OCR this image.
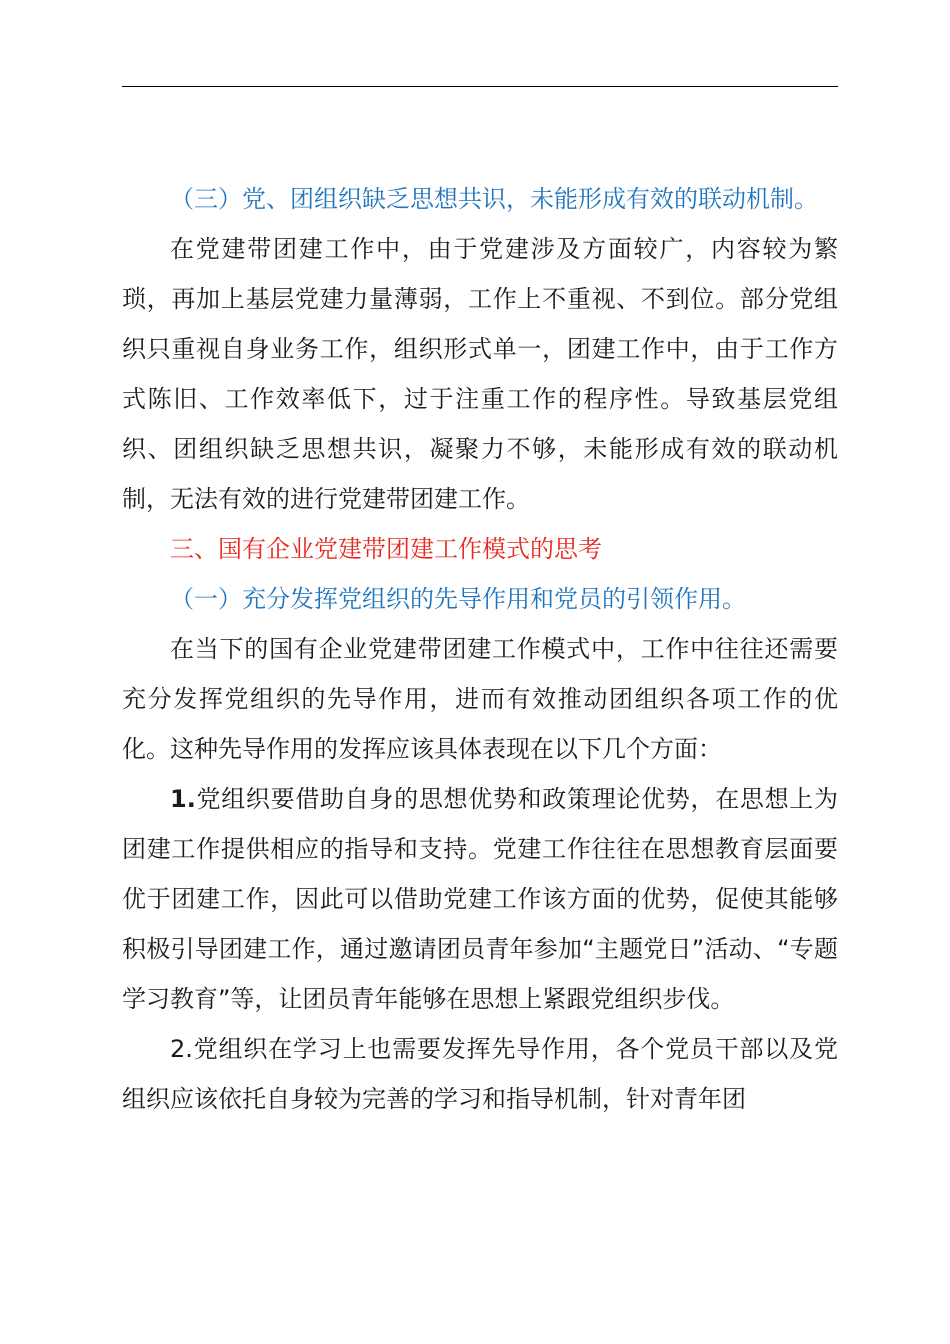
（三）党、团组织缺乏思想共识，未能形成有效的联动机制。

在党建带团建工作中，由于党建涉及方面较广，内容较为繁琐，再加上基层党建力量薄弱，工作上不重视、不到位。部分党组织只重视自身业务工作，组织形式单一，团建工作中，由于工作方式陈旧、工作效率低下，过于注重工作的程序性。导致基层党组织、团组织缺乏思想共识，凝聚力不够，未能形成有效的联动机制，无法有效的进行党建带团建工作。

三、国有企业党建带团建工作模式的思考

（一）充分发挥党组织的先导作用和党员的引领作用。

在当下的国有企业党建带团建工作模式中，工作中往往还需要充分发挥党组织的先导作用，进而有效推动团组织各项工作的优化。这种先导作用的发挥应该具体表现在以下几个方面：

1.党组织要借助自身的思想优势和政策理论优势，在思想上为团建工作提供相应的指导和支持。党建工作往往在思想教育层面要优于团建工作，因此可以借助党建工作该方面的优势，促使其能够积极引导团建工作，通过邀请团员青年参加“主题党日”活动、“专题学习教育”等，让团员青年能够在思想上紧跟党组织步伐。

2.党组织在学习上也需要发挥先导作用，各个党员干部以及党组织应该依托自身较为完善的学习和指导机制，针对青年团
